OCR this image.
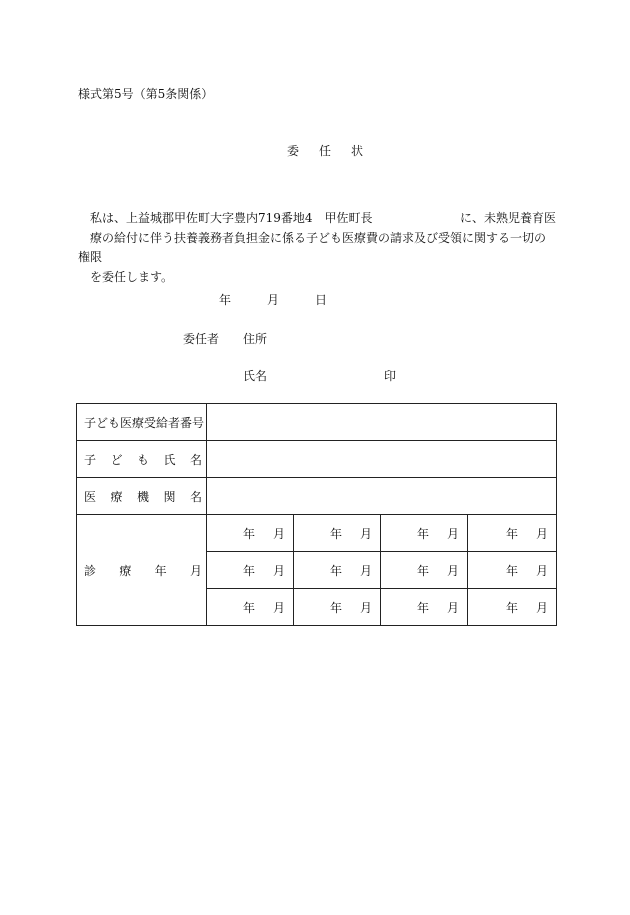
様式第5号（第5条関係）
委 任 状
私は、上益城郡甲佐町大字豊内719番地4　甲佐町長	に、未熟児養育医
療の給付に伴う扶養義務者負担金に係る子ども医療費の請求及び受領に関する一切の権限
を委任します。
年	月	日
委任者 住所
氏名	印
子ども医療受給者番号				

子 ど も 氏 名				

医 療 機 関 名				

診 療 年 月	年 月	年 月	年 月	年 月

	年 月	年 月	年 月	年 月

	年 月	年 月	年 月	年 月
